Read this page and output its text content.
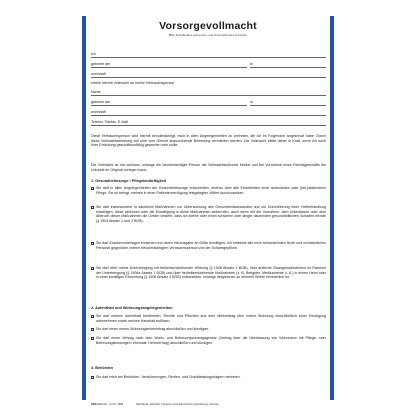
Vorsorgevollmacht
Bitte Zutreffendes ankreuzen und Unzutreffendes streichen
Ich
geboren am	in
wohnhaft
erteile hiermit Vollmacht an meine Vertrauensperson
Name
geboren am	in
wohnhaft
Telefon, Telefax, E-Mail
Diese Vertrauensperson wird hiermit bevollmächtigt, mich in allen Angelegenheiten zu vertreten, die ich im Folgenden angekreuzt habe. Durch diese Vollmachtserteilung soll eine vom Gericht anzuordnende Betreuung vermieden werden. Die Vollmacht bleibt daher in Kraft, wenn ich nach ihrer Errichtung geschäftsunfähig geworden sein sollte.
Die Vollmacht ist nur wirksam, solange die bevollmächtigte Person die Vollmachtsurkunde besitzt und bei Vornahme eines Rechtsgeschäfts die Urkunde im Original vorlegen kann.
1. Gesundheitssorge / Pflegebedürftigkeit
Sie darf in allen Angelegenheiten der Gesundheitssorge entscheiden, ebenso über alle Einzelheiten einer ambulanten oder (teil-)stationären Pflege. Sie ist befugt, meinen in einer Patientenverfügung festgelegten Willen durchzusetzen.
Sie darf insbesondere in sämtliche Maßnahmen zur Untersuchung des Gesundheitszustandes und zur Durchführung einer Heilbehandlung einwilligen, diese ablehnen oder die Einwilligung in diese Maßnahmen widerrufen, auch wenn mit der Vornahme, dem Unterlassen oder dem Abbruch dieser Maßnahmen die Gefahr besteht, dass ich sterbe oder einen schweren oder länger dauernden gesundheitlichen Schaden erleide (§ 1904 Absatz 1 und 2 BGB).
Sie darf Krankenunterlagen einsehen und deren Herausgabe an Dritte bewilligen. Ich entbinde alle mich behandelnden Ärzte und nichtärztliches Personal gegenüber meiner bevollmächtigten Vertrauensperson von der Schweigepflicht.
Sie darf über meine Unterbringung mit freiheitsentziehender Wirkung (§ 1906 Absatz 1 BGB), über ärztliche Zwangsmaßnahmen im Rahmen der Unterbringung (§ 1906a Absatz 1 BGB) und über freiheitsentziehende Maßnahmen (z. B. Bettgitter, Medikamente u. Ä.) in einem Heim oder in einer sonstigen Einrichtung (§ 1906 Absatz 4 BGB) entscheiden, solange dergleichen zu meinem Wohle erforderlich ist.
2. Aufenthalt und Wohnungsangelegenheiten
Sie darf meinen Aufenthalt bestimmen, Rechte und Pflichten aus dem Mietvertrag über meine Wohnung einschließlich einer Kündigung wahrnehmen sowie meinen Haushalt auflösen.
Sie darf einen neuen Wohnungsmietvertrag abschließen und kündigen.
Sie darf einen Vertrag nach dem Wohn- und Betreuungsvertragsgesetz (Vertrag über die Überlassung von Wohnraum mit Pflege- oder Betreuungsleistungen; ehemals: Heimvertrag) abschließen und kündigen.
3. Behörden
Sie darf mich bei Behörden, Versicherungen, Renten- und Sozialleistungsträgern vertreten.
RNKVERLAG · Art.Nr. 2899	Nachdruck, allein/tell. Kopieren und elektronische Speicherung verboten
